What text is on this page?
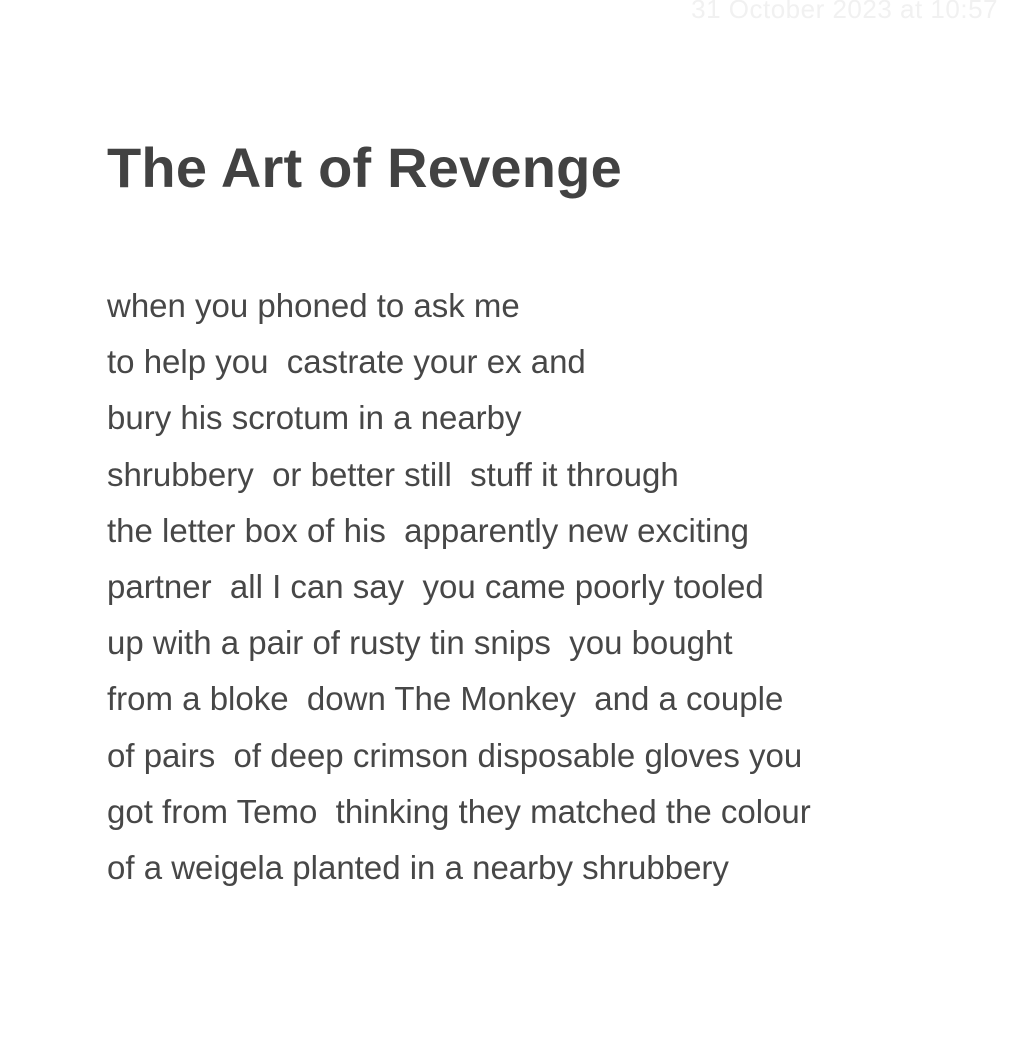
31 October 2023 at 10:57
The Art of Revenge
when you phoned to ask me
to help you  castrate your ex and
bury his scrotum in a nearby
shrubbery  or better still  stuff it through
the letter box of his  apparently new exciting
partner  all I can say  you came poorly tooled
up with a pair of rusty tin snips  you bought
from a bloke  down The Monkey  and a couple
of pairs  of deep crimson disposable gloves you
got from Temo  thinking they matched the colour
of a weigela planted in a nearby shrubbery
